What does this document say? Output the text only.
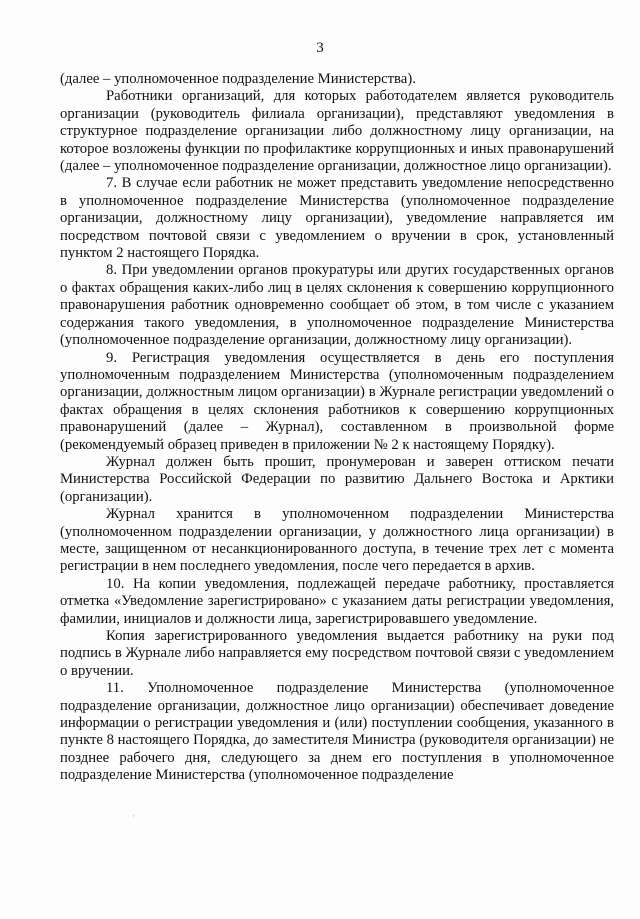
3

(далее – уполномоченное подразделение Министерства).

Работники организаций, для которых работодателем является руководитель организации (руководитель филиала организации), представляют уведомления в структурное подразделение организации либо должностному лицу организации, на которое возложены функции по профилактике коррупционных и иных правонарушений (далее – уполномоченное подразделение организации, должностное лицо организации).

7. В случае если работник не может представить уведомление непосредственно в уполномоченное подразделение Министерства (уполномоченное подразделение организации, должностному лицу организации), уведомление направляется им посредством почтовой связи с уведомлением о вручении в срок, установленный пунктом 2 настоящего Порядка.

8. При уведомлении органов прокуратуры или других государственных органов о фактах обращения каких-либо лиц в целях склонения к совершению коррупционного правонарушения работник одновременно сообщает об этом, в том числе с указанием содержания такого уведомления, в уполномоченное подразделение Министерства (уполномоченное подразделение организации, должностному лицу организации).

9. Регистрация уведомления осуществляется в день его поступления уполномоченным подразделением Министерства (уполномоченным подразделением организации, должностным лицом организации) в Журнале регистрации уведомлений о фактах обращения в целях склонения работников к совершению коррупционных правонарушений (далее – Журнал), составленном в произвольной форме (рекомендуемый образец приведен в приложении № 2 к настоящему Порядку).

Журнал должен быть прошит, пронумерован и заверен оттиском печати Министерства Российской Федерации по развитию Дальнего Востока и Арктики (организации).

Журнал хранится в уполномоченном подразделении Министерства (уполномоченном подразделении организации, у должностного лица организации) в месте, защищенном от несанкционированного доступа, в течение трех лет с момента регистрации в нем последнего уведомления, после чего передается в архив.

10. На копии уведомления, подлежащей передаче работнику, проставляется отметка «Уведомление зарегистрировано» с указанием даты регистрации уведомления, фамилии, инициалов и должности лица, зарегистрировавшего уведомление.

Копия зарегистрированного уведомления выдается работнику на руки под подпись в Журнале либо направляется ему посредством почтовой связи с уведомлением о вручении.

11. Уполномоченное подразделение Министерства (уполномоченное подразделение организации, должностное лицо организации) обеспечивает доведение информации о регистрации уведомления и (или) поступлении сообщения, указанного в пункте 8 настоящего Порядка, до заместителя Министра (руководителя организации) не позднее рабочего дня, следующего за днем его поступления в уполномоченное подразделение Министерства (уполномоченное подразделение

·
